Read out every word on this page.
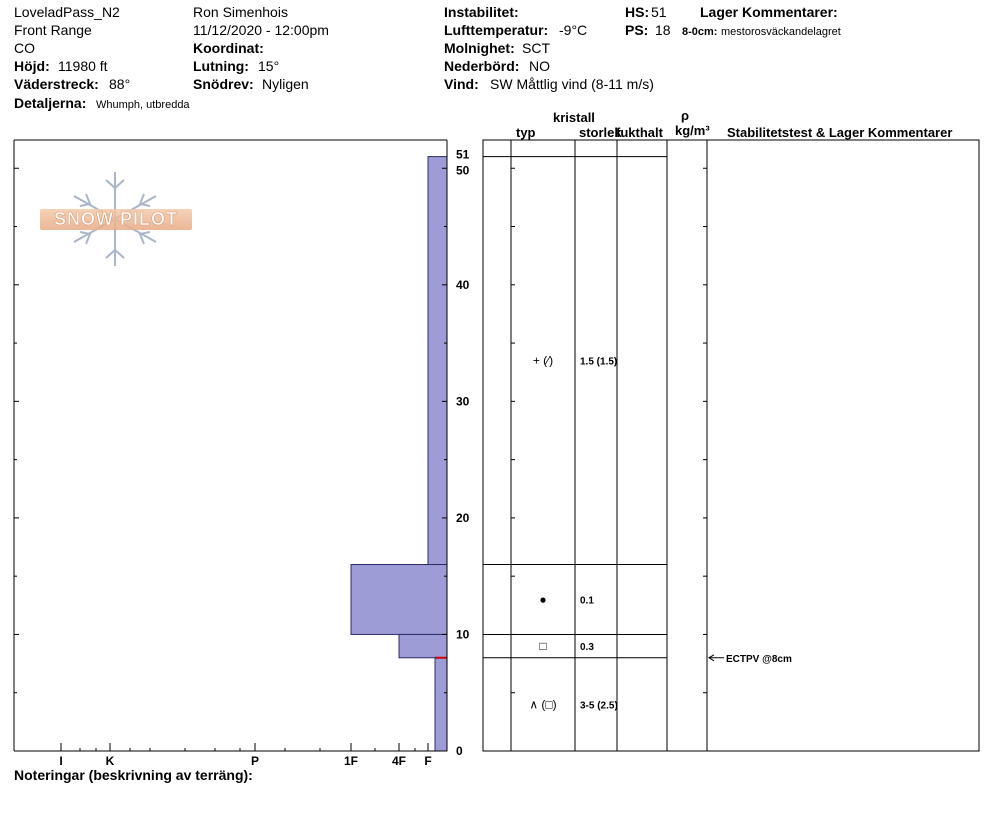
LoveladPass_N2
Front Range
CO
Höjd: 11980 ft
Väderstreck: 88°
Detaljerna: Whumph, utbredda
Ron Simenhois
11/12/2020 - 12:00pm
Koordinat:
Lutning: 15°
Snödrev: Nyligen
Instabilitet:
Lufttemperatur: -9°C
Molnighet: SCT
Nederbörd: NO
Vind: SW Måttlig vind (8-11 m/s)
HS: 51
PS: 18
Lager Kommentarer:
8-0cm: mestorosväckandelagret
kristall
typ	storlek
fukthalt
ρ
kg/m³ Stabilitetstest & Lager Kommentarer
SNOW PILOT
0
10
20
30
40
50
51
I	K	P	1F	4F F
+ (⁄)	1.5 (1.5)
●	0.1
□	0.3
∧ (□) 3-5 (2.5)
ECTPV @8cm
Noteringar (beskrivning av terräng):
